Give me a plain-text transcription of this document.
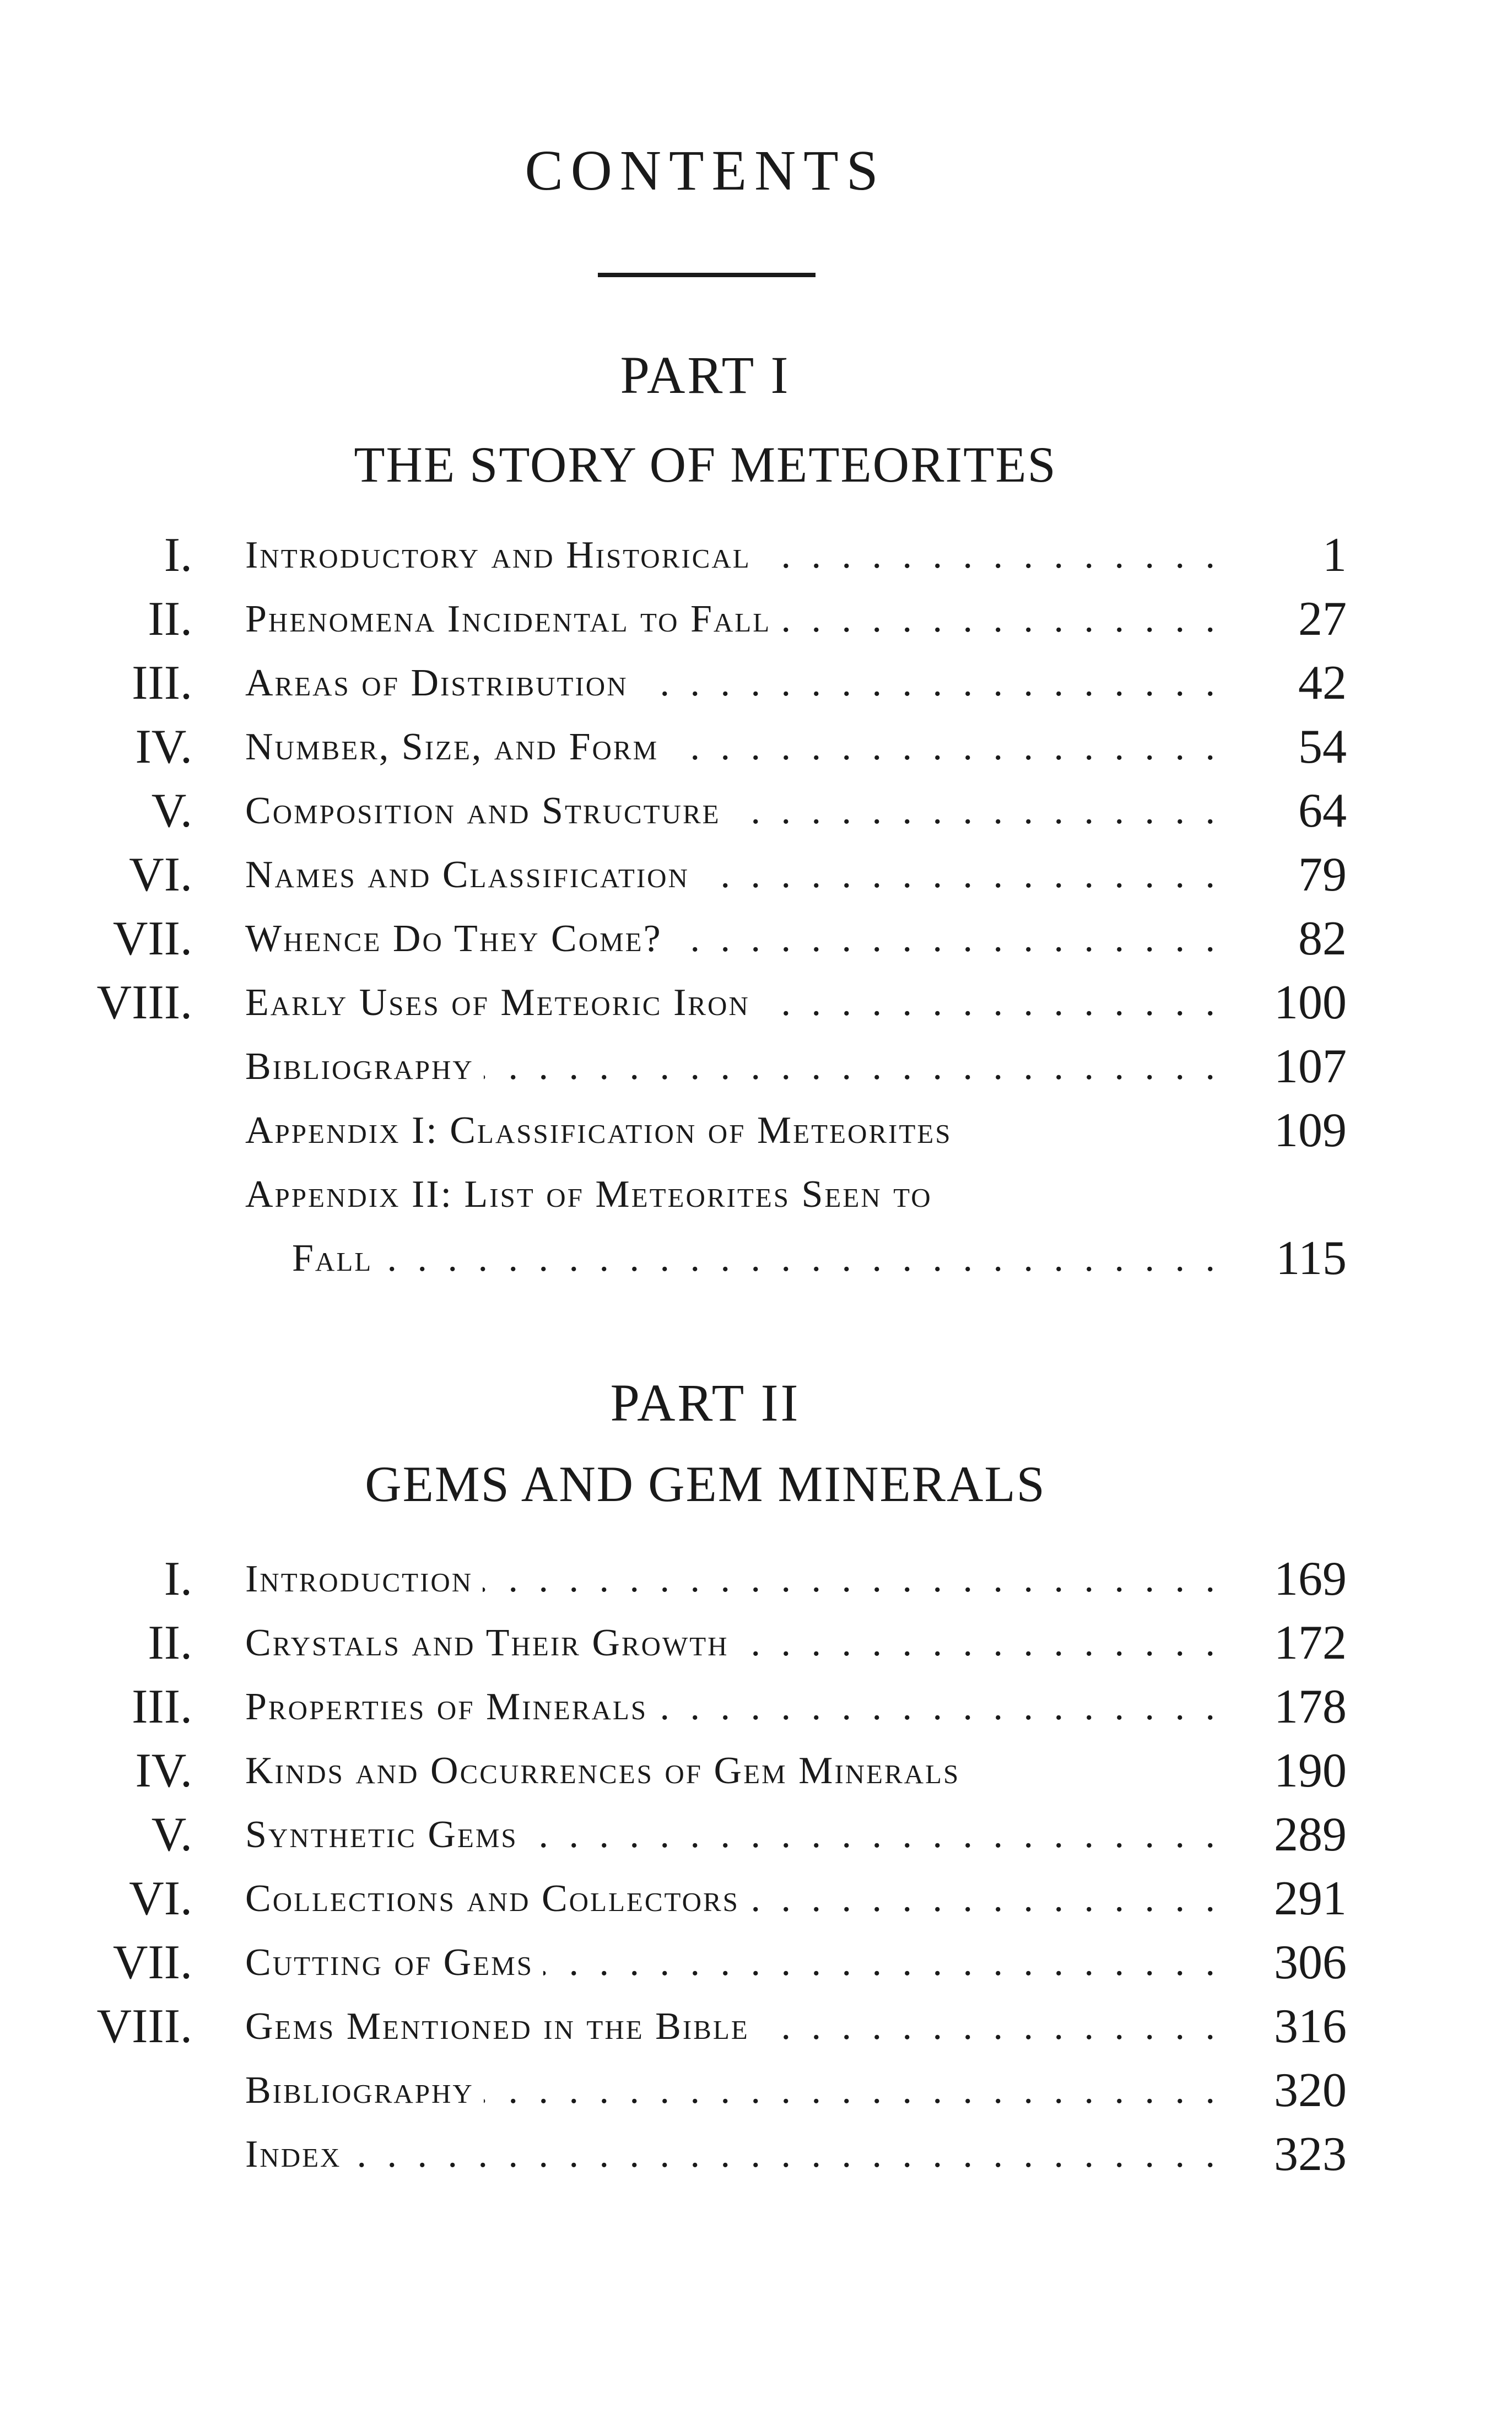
CONTENTS
PART I
THE STORY OF METEORITES
I. Introductory and Historical . . .	1
II. Phenomena Incidental to Fall . . .	27
III. Areas of Distribution . . .	42
IV. Number, Size, and Form . . .	54
V. Composition and Structure . . .	64
VI. Names and Classification . . .	79
VII. Whence Do They Come? . . .	82
VIII. Early Uses of Meteoric Iron . . .	100
Bibliography . . .	107
Appendix I: Classification of Meteorites	109
Appendix II: List of Meteorites Seen to
Fall . . .	115
PART II
GEMS AND GEM MINERALS
I. Introduction . . .	169
II. Crystals and Their Growth . . .	172
III. Properties of Minerals . . .	178
IV. Kinds and Occurrences of Gem Minerals	190
V. Synthetic Gems . . .	289
VI. Collections and Collectors . . .	291
VII. Cutting of Gems . . .	306
VIII. Gems Mentioned in the Bible . . .	316
Bibliography . . .	320
Index . . .	323
